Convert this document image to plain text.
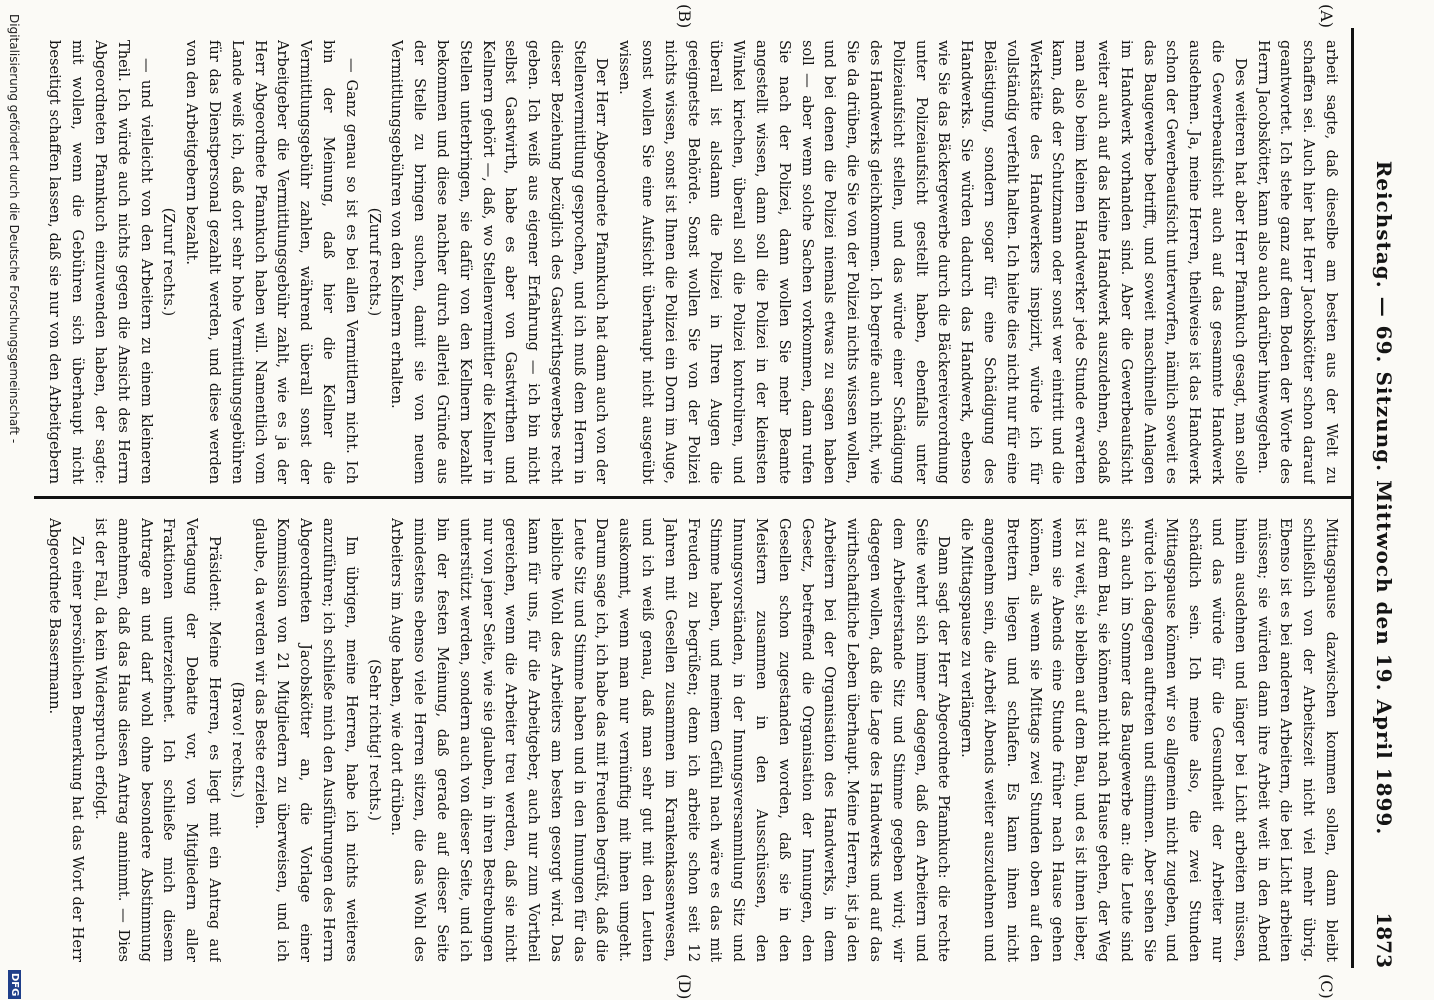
Reichstag. — 69. Sitzung. Mittwoch den 19. April 1899.
1873
(A)
(B)
(C)
(D)

arbeit sagte, daß dieselbe am besten aus der Welt zu schaffen sei. Auch hier hat Herr Jacobskötter schon darauf geantwortet. Ich stehe ganz auf dem Boden der Worte des Herrn Jacobskötter, kann also auch darüber hinweggehen.

Des weiteren hat aber Herr Pfannkuch gesagt, man solle die Gewerbeaufsicht auch auf das gesammte Handwerk ausdehnen. Ja, meine Herren, theilweise ist das Handwerk schon der Gewerbeaufsicht unterworfen, nämlich soweit es das Baugewerbe betrifft, und soweit maschinelle Anlagen im Handwerk vorhanden sind. Aber die Gewerbeaufsicht weiter auch auf das kleine Handwerk auszudehnen, sodaß man also beim kleinen Handwerker jede Stunde erwarten kann, daß der Schutzmann oder sonst wer eintritt und die Werkstätte des Handwerkers inspizirt, würde ich für vollständig verfehlt halten. Ich hielte dies nicht nur für eine Belästigung, sondern sogar für eine Schädigung des Handwerks. Sie würden dadurch das Handwerk, ebenso wie Sie das Bäckergewerbe durch die Bäckereiverordnung unter Polizeiaufsicht gestellt haben, ebenfalls unter Polizeiaufsicht stellen, und das würde einer Schädigung des Handwerks gleichkommen. Ich begreife auch nicht, wie Sie da drüben, die Sie von der Polizei nichts wissen wollen, und bei denen die Polizei niemals etwas zu sagen haben soll — aber wenn solche Sachen vorkommen, dann rufen Sie nach der Polizei, dann wollen Sie mehr Beamte angestellt wissen, dann soll die Polizei in der kleinsten Winkel kriechen, überall soll die Polizei kontroliren, und überall ist alsdann die Polizei in Ihren Augen die geeignetste Behörde. Sonst wollen Sie von der Polizei nichts wissen, sonst ist Ihnen die Polizei ein Dorn im Auge, sonst wollen Sie eine Aufsicht überhaupt nicht ausgeübt wissen.

Der Herr Abgeordnete Pfannkuch hat dann auch von der Stellenvermittlung gesprochen, und ich muß dem Herrn in dieser Beziehung bezüglich des Gastwirthsgewerbes recht geben. Ich weiß aus eigener Erfahrung — ich bin nicht selbst Gastwirth, habe es aber von Gastwirthen und Kellnern gehört —, daß, wo Stellenvermittler die Kellner in Stellen unterbringen, sie dafür von den Kellnern bezahlt bekommen und diese nachher durch allerlei Gründe aus der Stelle zu bringen suchen, damit sie von neuem Vermittlungsgebühren von den Kellnern erhalten.

(Zuruf rechts.)

— Ganz genau so ist es bei allen Vermittlern nicht. Ich bin der Meinung, daß hier die Kellner die Vermittlungsgebühr zahlen, während überall sonst der Arbeitgeber die Vermittlungsgebühr zahlt, wie es ja der Herr Abgeordnete Pfannkuch haben will. Namentlich vom Lande weiß ich, daß dort sehr hohe Vermittlungsgebühren für das Dienstpersonal gezahlt werden, und diese werden von den Arbeitgebern bezahlt.

(Zuruf rechts.)

— und vielleicht von den Arbeitern zu einem kleineren Theil. Ich würde auch nichts gegen die Ansicht des Herrn Abgeordneten Pfannkuch einzuwenden haben, der sagte: mit wollen, wenn die Gebühren sich überhaupt nicht beseitigt schaffen lassen, daß sie nur von den Arbeitgebern

Mittagspause dazwischen kommen sollen, dann bleibt schließlich von der Arbeitszeit nicht viel mehr übrig. Ebenso ist es bei anderen Arbeitern, die bei Licht arbeiten müssen; sie würden dann ihre Arbeit weit in den Abend hinein ausdehnen und länger bei Licht arbeiten müssen, und das würde für die Gesundheit der Arbeiter nur schädlich sein. Ich meine also, die zwei Stunden Mittagspause können wir so allgemein nicht zugeben, und würde ich dagegen auftreten und stimmen. Aber sehen Sie sich auch im Sommer das Baugewerbe an: die Leute sind auf dem Bau, sie können nicht nach Hause gehen, der Weg ist zu weit, sie bleiben auf dem Bau, und es ist ihnen lieber, wenn sie Abends eine Stunde früher nach Hause gehen können, als wenn sie Mittags zwei Stunden oben auf den Brettern liegen und schlafen. Es kann ihnen nicht angenehm sein, die Arbeit Abends weiter auszudehnen und die Mittagspause zu verlängern.

Dann sagt der Herr Abgeordnete Pfannkuch: die rechte Seite wehrt sich immer dagegen, daß den Arbeitern und dem Arbeiterstande Sitz und Stimme gegeben wird; wir dagegen wollen, daß die Lage des Handwerks und auf das wirthschaftliche Leben überhaupt. Meine Herren, ist ja den Arbeitern bei der Organisation des Handwerks, in dem Gesetz, betreffend die Organisation der Innungen, den Gesellen schon zugestanden worden, daß sie in den Meistern zusammen in den Ausschüssen, den Innungsvorständen, in der Innungsversammlung Sitz und Stimme haben, und meinem Gefühl nach wäre es das mit Freuden zu begrüßen; denn ich arbeite schon seit 12 Jahren mit Gesellen zusammen im Krankenkassenwesen, und ich weiß genau, daß man sehr gut mit den Leuten auskommt, wenn man nur vernünftig mit ihnen umgeht. Darum sage ich, ich habe das mit Freuden begrüßt, daß die Leute Sitz und Stimme haben und in den Innungen für das leibliche Wohl des Arbeiters am besten gesorgt wird. Das kann für uns, für die Arbeitgeber, auch nur zum Vortheil gereichen, wenn die Arbeiter treu werden, daß sie nicht nur von jener Seite, wie sie glauben, in ihren Bestrebungen unterstützt werden, sondern auch von dieser Seite, und ich bin der festen Meinung, daß gerade auf dieser Seite mindestens ebenso viele Herren sitzen, die das Wohl des Arbeiters im Auge haben, wie dort drüben.

(Sehr richtig! rechts.)

Im übrigen, meine Herren, habe ich nichts weiteres anzuführen; ich schließe mich den Ausführungen des Herrn Abgeordneten Jacobskötter an, die Vorlage einer Kommission von 21 Mitgliedern zu überweisen, und ich glaube, da werden wir das Beste erzielen.

(Bravo! rechts.)

Präsident: Meine Herren, es liegt mit ein Antrag auf Vertagung der Debatte vor, von Mitgliedern aller Fraktionen unterzeichnet. Ich schließe mich diesem Antrage an und darf wohl ohne besondere Abstimmung annehmen, daß das Haus diesen Antrag annimmt. — Dies ist der Fall, da kein Widerspruch erfolgt.

Zu einer persönlichen Bemerkung hat das Wort der Herr Abgeordnete Bassermann.

Digitalisierung gefördert durch die Deutsche Forschungsgemeinschaft -
DFG
